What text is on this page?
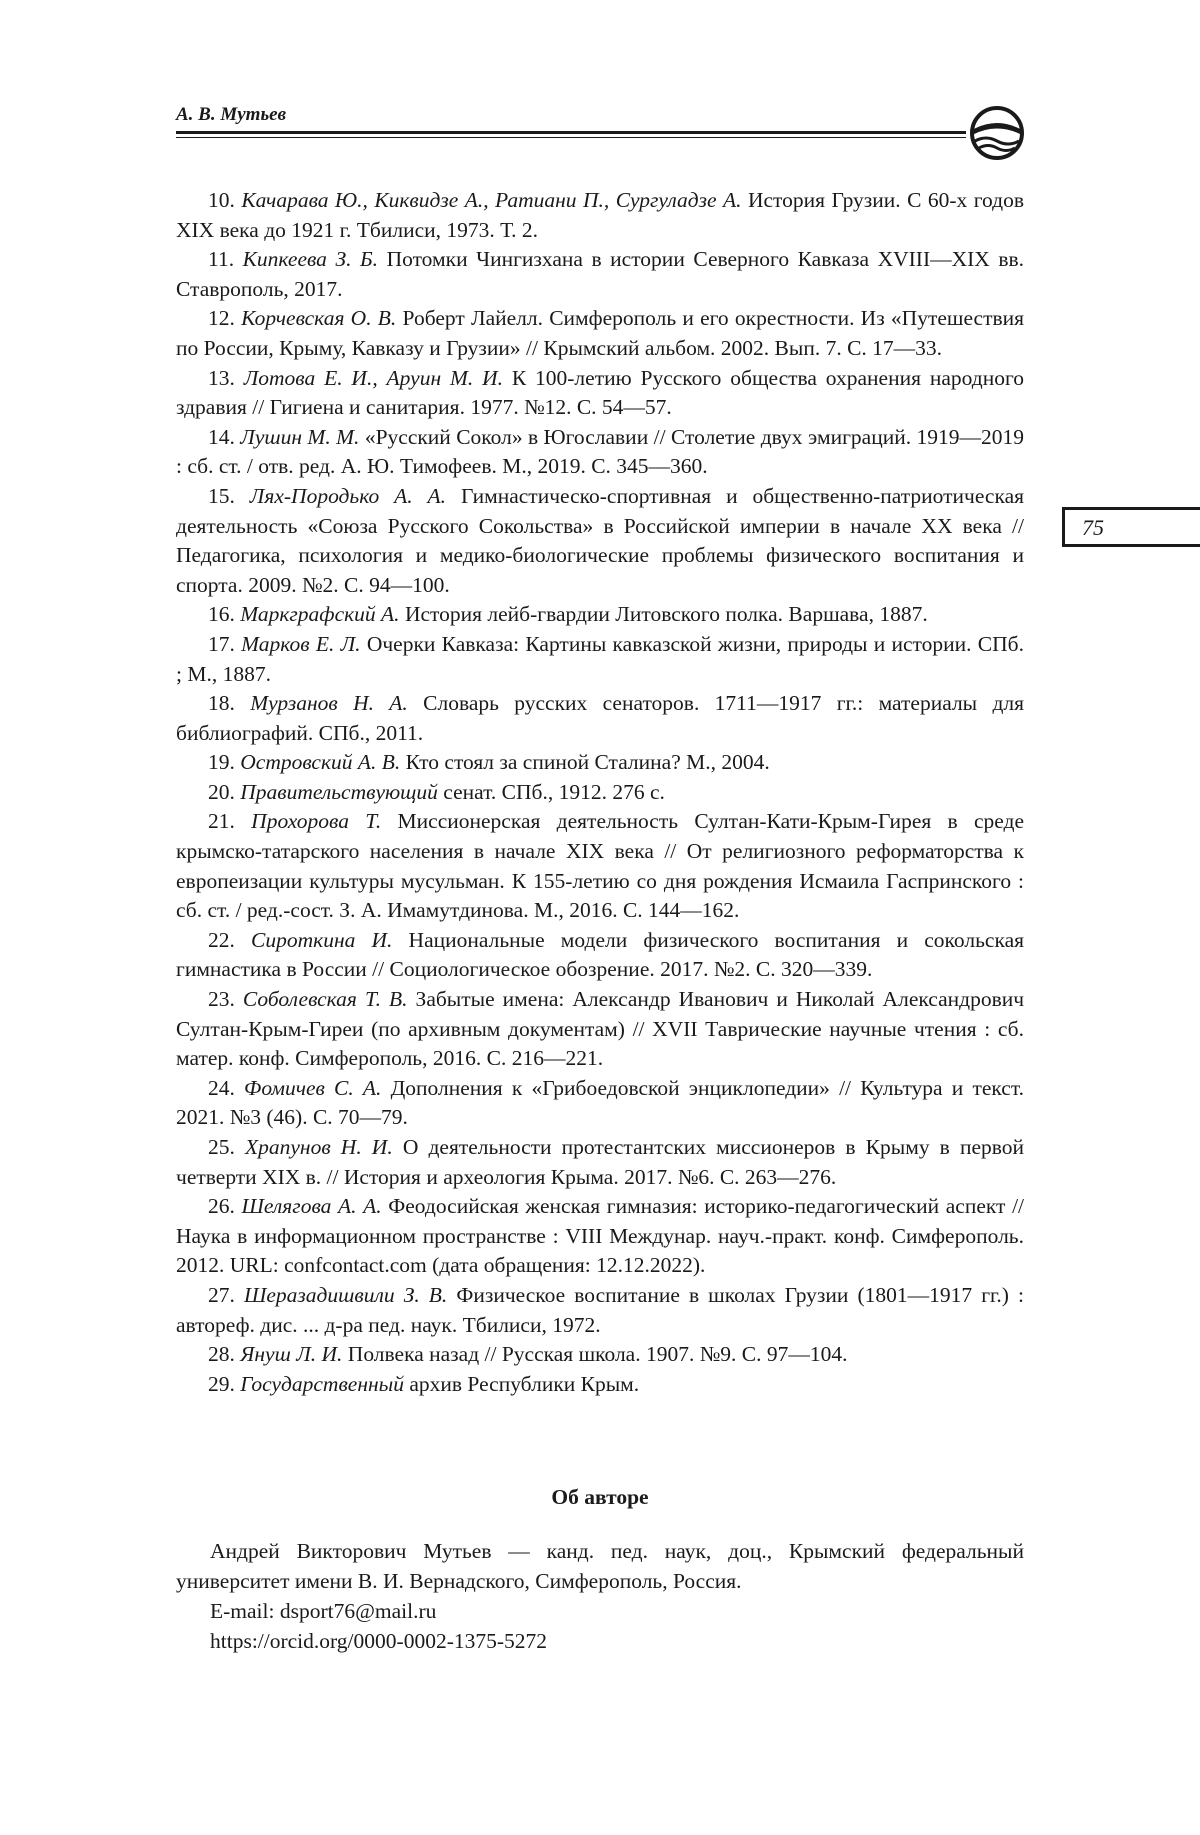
А. В. Мутьев
75

10. Качарава Ю., Киквидзе А., Ратиани П., Сургуладзе А. История Грузии. С 60-х годов XIX века до 1921 г. Тбилиси, 1973. Т. 2.

11. Кипкеева З. Б. Потомки Чингизхана в истории Северного Кавказа XVIII—XIX вв. Ставрополь, 2017.

12. Корчевская О. В. Роберт Лайелл. Симферополь и его окрестности. Из «Путешествия по России, Крыму, Кавказу и Грузии» // Крымский альбом. 2002. Вып. 7. С. 17—33.

13. Лотова Е. И., Аруин М. И. К 100-летию Русского общества охранения народного здравия // Гигиена и санитария. 1977. №12. С. 54—57.

14. Лушин М. М. «Русский Сокол» в Югославии // Столетие двух эмиграций. 1919—2019 : сб. ст. / отв. ред. А. Ю. Тимофеев. М., 2019. С. 345—360.

15. Лях-Породько А. А. Гимнастическо-спортивная и общественно-патриотическая деятельность «Союза Русского Сокольства» в Российской империи в начале XX века // Педагогика, психология и медико-биологические проблемы физического воспитания и спорта. 2009. №2. С. 94—100.

16. Маркграфский А. История лейб-гвардии Литовского полка. Варшава, 1887.

17. Марков Е. Л. Очерки Кавказа: Картины кавказской жизни, природы и истории. СПб. ; М., 1887.

18. Мурзанов Н. А. Словарь русских сенаторов. 1711—1917 гг.: материалы для библиографий. СПб., 2011.

19. Островский А. В. Кто стоял за спиной Сталина? М., 2004.

20. Правительствующий сенат. СПб., 1912. 276 с.

21. Прохорова Т. Миссионерская деятельность Султан-Кати-Крым-Гирея в среде крымско-татарского населения в начале XIX века // От религиозного реформаторства к европеизации культуры мусульман. К 155-летию со дня рождения Исмаила Гаспринского : сб. ст. / ред.-сост. З. А. Имамутдинова. М., 2016. С. 144—162.

22. Сироткина И. Национальные модели физического воспитания и сокольская гимнастика в России // Социологическое обозрение. 2017. №2. С. 320—339.

23. Соболевская Т. В. Забытые имена: Александр Иванович и Николай Александрович Султан-Крым-Гиреи (по архивным документам) // XVII Таврические научные чтения : сб. матер. конф. Симферополь, 2016. С. 216—221.

24. Фомичев С. А. Дополнения к «Грибоедовской энциклопедии» // Культура и текст. 2021. №3 (46). С. 70—79.

25. Храпунов Н. И. О деятельности протестантских миссионеров в Крыму в первой четверти XIX в. // История и археология Крыма. 2017. №6. С. 263—276.

26. Шелягова А. А. Феодосийская женская гимназия: историко-педагогический аспект // Наука в информационном пространстве : VIII Междунар. науч.-практ. конф. Симферополь. 2012. URL: confcontact.com (дата обращения: 12.12.2022).

27. Шеразадишвили З. В. Физическое воспитание в школах Грузии (1801—1917 гг.) : автореф. дис. ... д-ра пед. наук. Тбилиси, 1972.

28. Януш Л. И. Полвека назад // Русская школа. 1907. №9. С. 97—104.

29. Государственный архив Республики Крым.

Об авторе

Андрей Викторович Мутьев — канд. пед. наук, доц., Крымский федеральный университет имени В. И. Вернадского, Симферополь, Россия.

E-mail: dsport76@mail.ru

https://orcid.org/0000-0002-1375-5272
